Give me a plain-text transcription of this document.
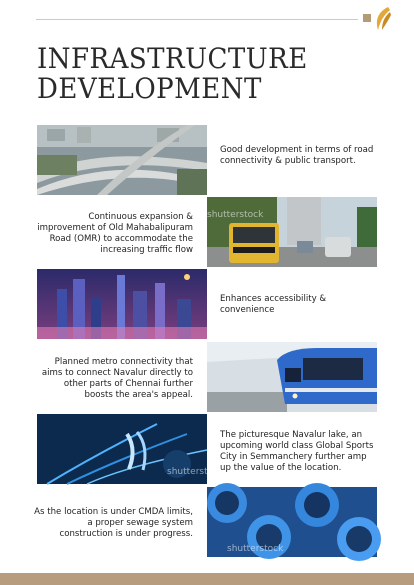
INFRASTRUCTURE
DEVELOPMENT
Good development in terms of road connectivity & public transport.
Continuous expansion & improvement of Old Mahabalipuram Road (OMR) to accommodate the increasing traffic flow
shutterstock
Enhances accessibility & convenience
Planned metro connectivity that aims to connect Navalur directly to other parts of Chennai further boosts the area's appeal.
shutterstock
The picturesque Navalur lake, an upcoming world class Global Sports City in Semmanchery further amp up the value of the location.
As the location is under CMDA limits, a proper sewage system construction is under progress.
shutterstock
